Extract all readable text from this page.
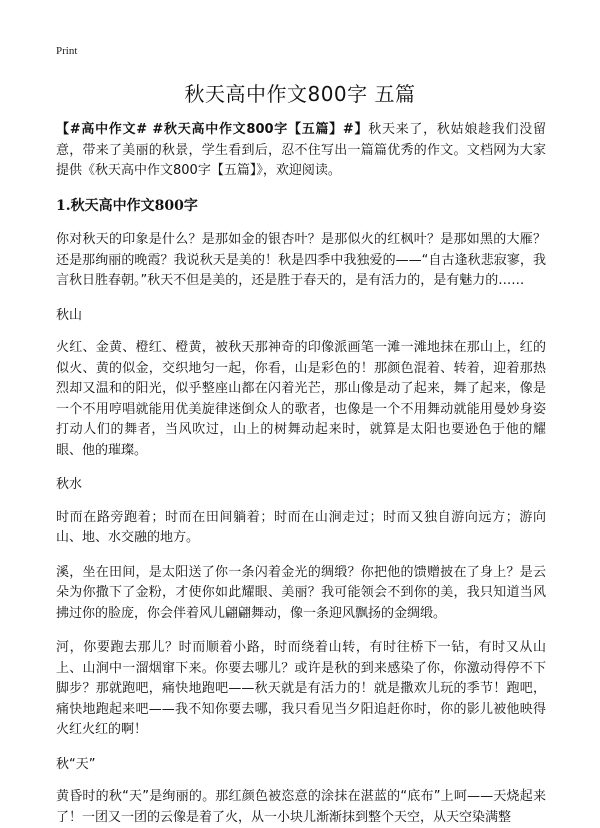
Print
秋天高中作文800字 五篇

【#高中作文# #秋天高中作文800字【五篇】#】秋天来了，秋姑娘趁我们没留意，带来了美丽的秋景，学生看到后，忍不住写出一篇篇优秀的作文。文档网为大家提供《秋天高中作文800字【五篇】》，欢迎阅读。

1.秋天高中作文800字

你对秋天的印象是什么？是那如金的银杏叶？是那似火的红枫叶？是那如黑的大雁？还是那绚丽的晚霞？我说秋天是美的！秋是四季中我独爱的——“自古逢秋悲寂寥，我言秋日胜春朝。”秋天不但是美的，还是胜于春天的，是有活力的，是有魅力的……

秋山

火红、金黄、橙红、橙黄，被秋天那神奇的印像派画笔一滩一滩地抹在那山上，红的似火、黄的似金，交织地匀一起，你看，山是彩色的！那颜色混着、转着，迎着那热烈却又温和的阳光，似乎整座山都在闪着光芒，那山像是动了起来，舞了起来，像是一个不用哼唱就能用优美旋律迷倒众人的歌者，也像是一个不用舞动就能用曼妙身姿打动人们的舞者，当风吹过，山上的树舞动起来时，就算是太阳也要逊色于他的耀眼、他的璀璨。

秋水

时而在路旁跑着；时而在田间躺着；时而在山涧走过；时而又独自游向远方；游向山、地、水交融的地方。

溪，坐在田间，是太阳送了你一条闪着金光的绸缎？你把他的馈赠披在了身上？是云朵为你撒下了金粉，才使你如此耀眼、美丽？我可能领会不到你的美，我只知道当风拂过你的脸庞，你会伴着风儿翩翩舞动，像一条迎风飘扬的金绸缎。

河，你要跑去那儿？时而顺着小路，时而绕着山转，有时往桥下一钻，有时又从山上、山涧中一溜烟窜下来。你要去哪儿？或许是秋的到来感染了你，你激动得停不下脚步？那就跑吧，痛快地跑吧——秋天就是有活力的！就是撒欢儿玩的季节！跑吧，痛快地跑起来吧——我不知你要去哪，我只看见当夕阳追赶你时，你的影儿被他映得火红火红的啊！

秋“天”

黄昏时的秋“天”是绚丽的。那红颜色被恣意的涂抹在湛蓝的“底布”上呵——天烧起来了！一团又一团的云像是着了火，从一小块儿渐渐抹到整个天空，从天空染满整
